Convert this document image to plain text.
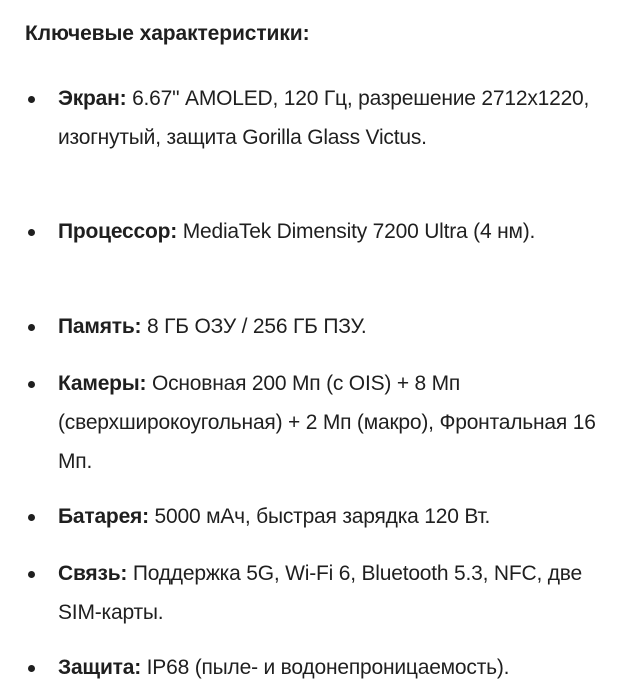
Ключевые характеристики:
Экран: 6.67" AMOLED, 120 Гц, разрешение 2712x1220, изогнутый, защита Gorilla Glass Victus.
Процессор: MediaTek Dimensity 7200 Ultra (4 нм).
Память: 8 ГБ ОЗУ / 256 ГБ ПЗУ.
Камеры: Основная 200 Мп (с OIS) + 8 Мп (сверхширокоугольная) + 2 Мп (макро), Фронтальная 16 Мп.
Батарея: 5000 мАч, быстрая зарядка 120 Вт.
Связь: Поддержка 5G, Wi-Fi 6, Bluetooth 5.3, NFC, две SIM-карты.
Защита: IP68 (пыле- и водонепроницаемость).
